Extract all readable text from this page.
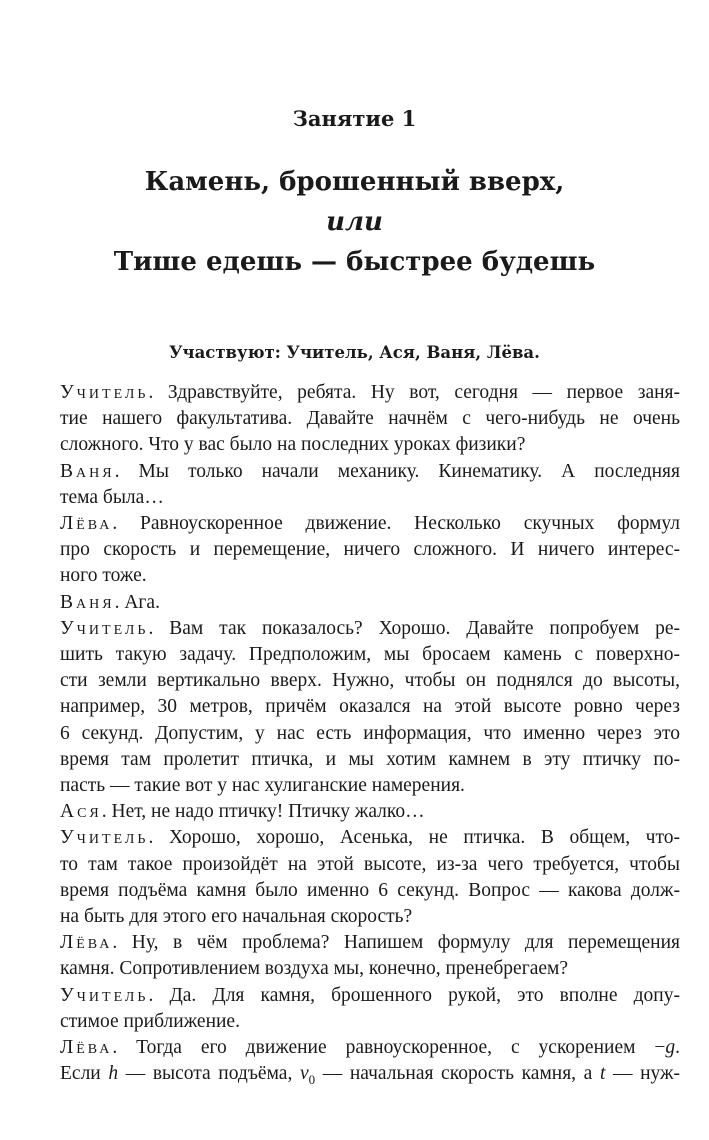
Занятие 1
Камень, брошенный вверх,
или
Тише едешь — быстрее будешь
Участвуют: Учитель, Ася, Ваня, Лёва.

Учитель. Здравствуйте, ребята. Ну вот, сегодня — первое заня-
тие нашего факультатива. Давайте начнём с чего-нибудь не очень
сложного. Что у вас было на последних уроках физики?

Ваня. Мы только начали механику. Кинематику. А последняя
тема была…

Лёва. Равноускоренное движение. Несколько скучных формул
про скорость и перемещение, ничего сложного. И ничего интерес-
ного тоже.

Ваня. Ага.

Учитель. Вам так показалось? Хорошо. Давайте попробуем ре-
шить такую задачу. Предположим, мы бросаем камень с поверхно-
сти земли вертикально вверх. Нужно, чтобы он поднялся до высоты,
например, 30 метров, причём оказался на этой высоте ровно через
6 секунд. Допустим, у нас есть информация, что именно через это
время там пролетит птичка, и мы хотим камнем в эту птичку по-
пасть — такие вот у нас хулиганские намерения.

Ася. Нет, не надо птичку! Птичку жалко…

Учитель. Хорошо, хорошо, Асенька, не птичка. В общем, что-
то там такое произойдёт на этой высоте, из-за чего требуется, чтобы
время подъёма камня было именно 6 секунд. Вопрос — какова долж-
на быть для этого его начальная скорость?

Лёва. Ну, в чём проблема? Напишем формулу для перемещения
камня. Сопротивлением воздуха мы, конечно, пренебрегаем?

Учитель. Да. Для камня, брошенного рукой, это вполне допу-
стимое приближение.

Лёва. Тогда его движение равноускоренное, с ускорением −g.
Если h — высота подъёма, $v_0$ — начальная скорость камня, а t — нуж-
